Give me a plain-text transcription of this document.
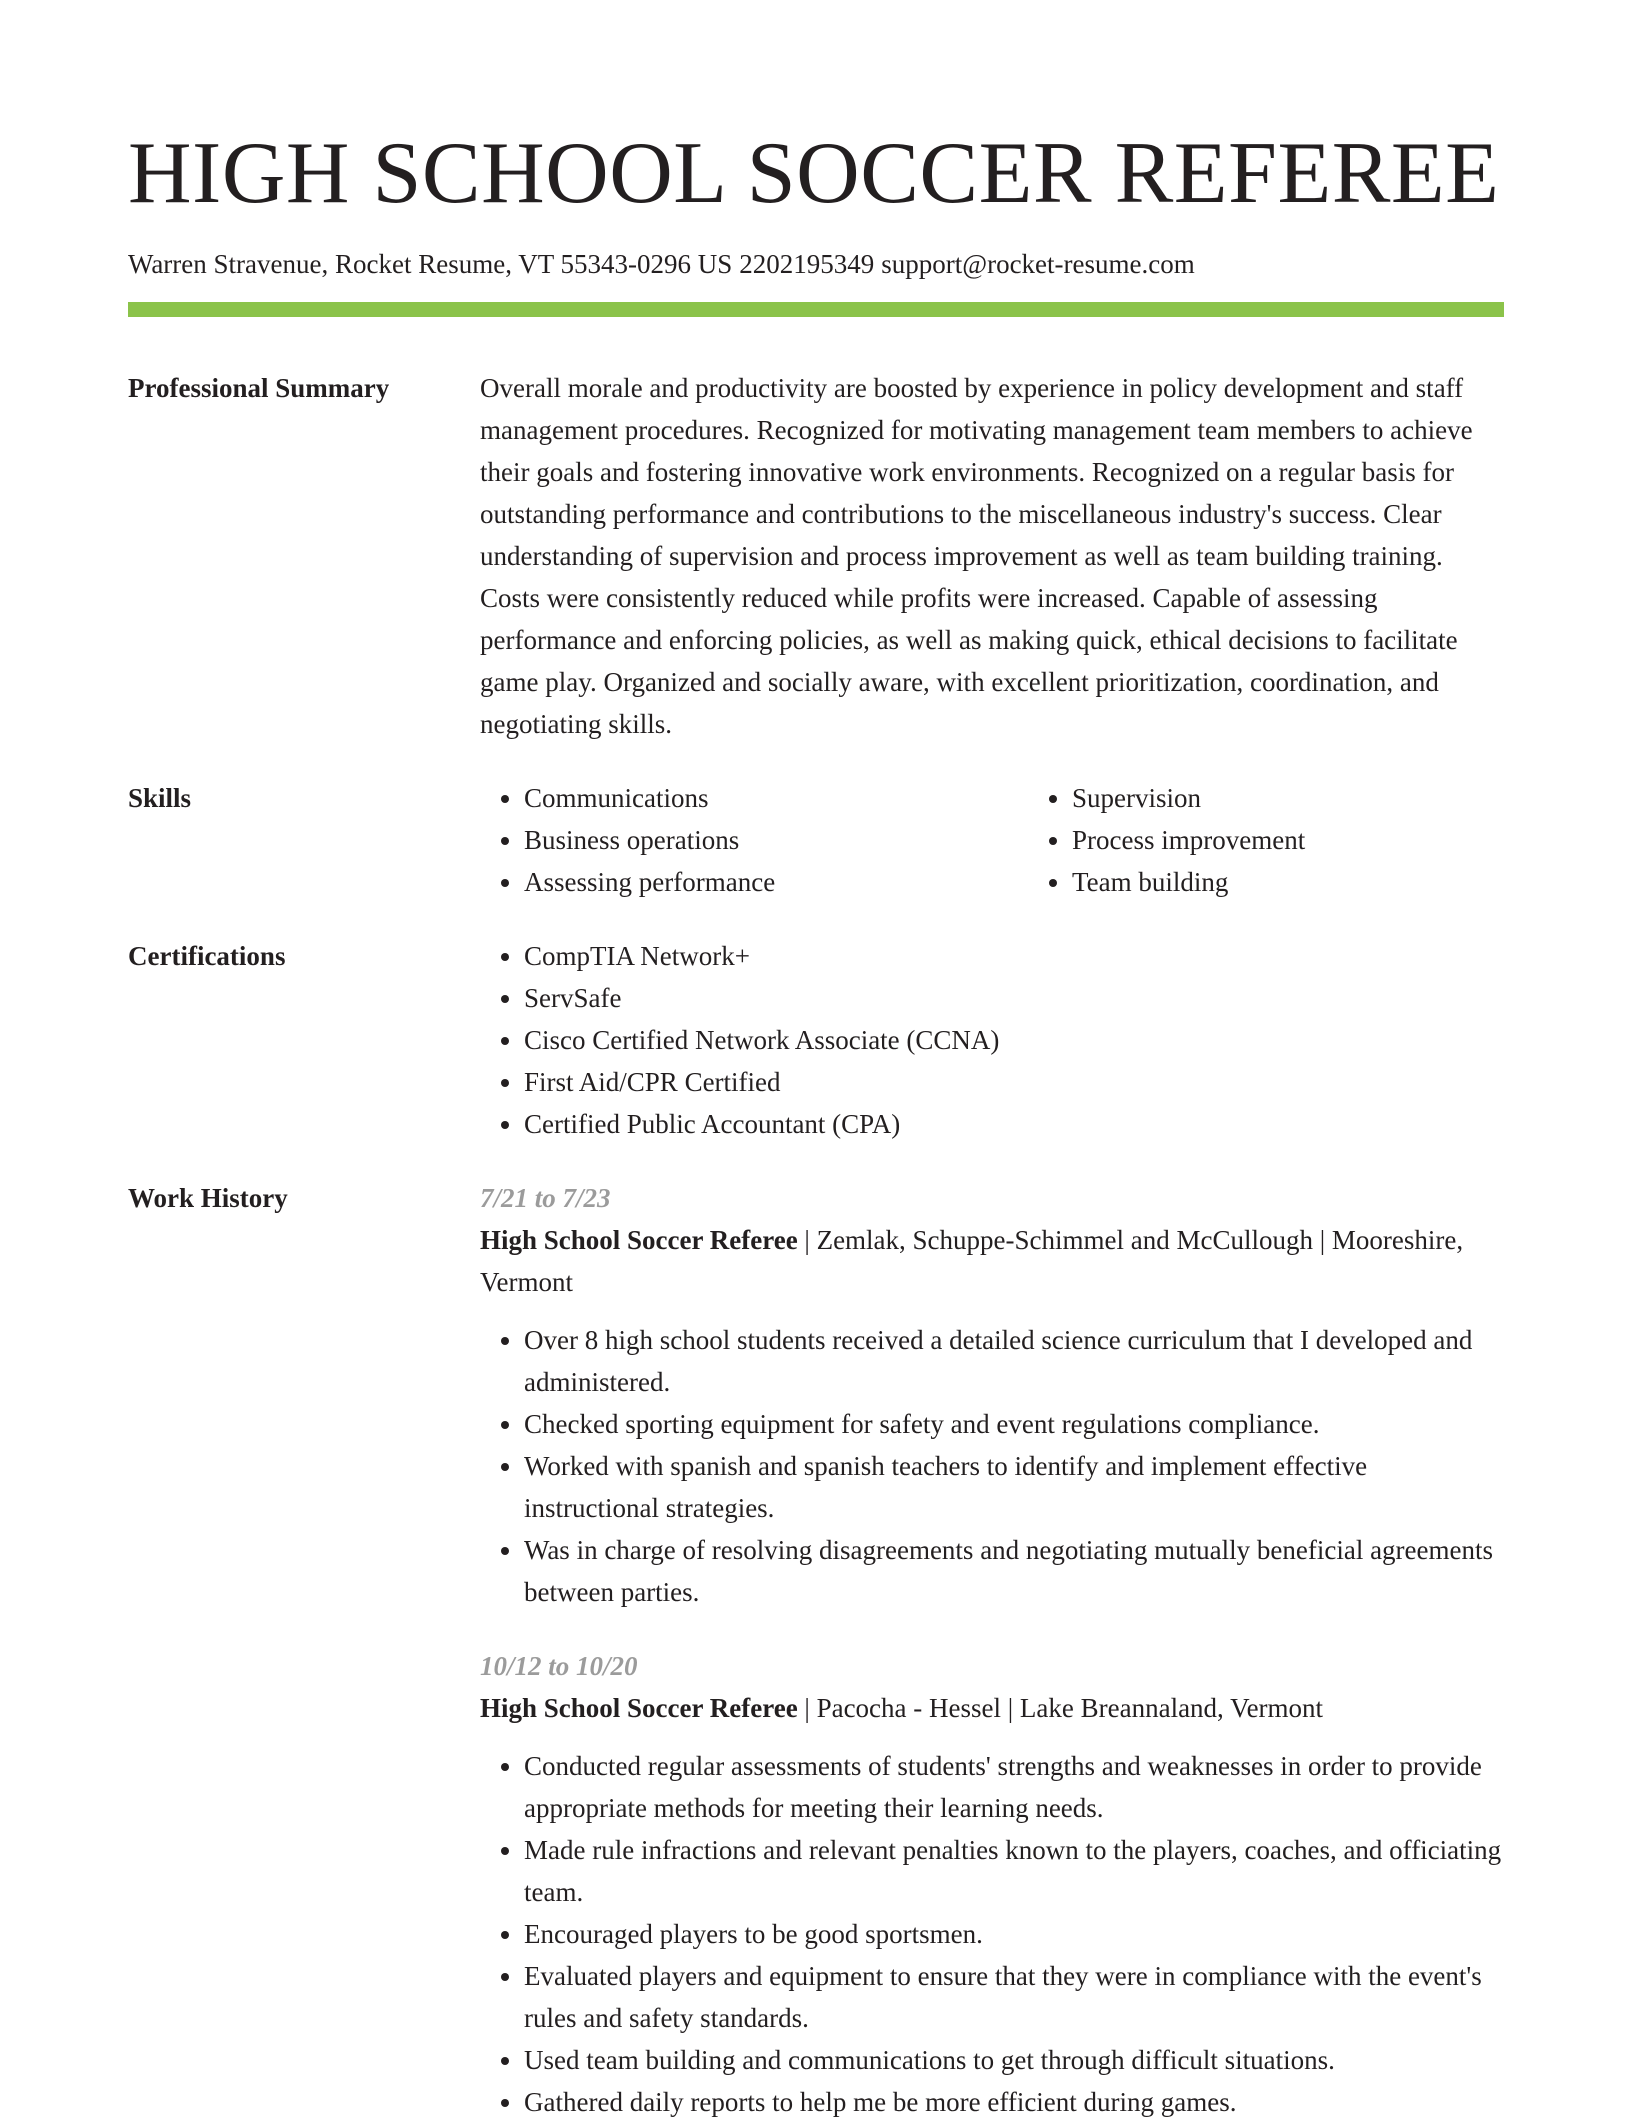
HIGH SCHOOL SOCCER REFEREE
Warren Stravenue, Rocket Resume, VT 55343-0296 US 2202195349 support@rocket-resume.com
Professional Summary	Overall morale and productivity are boosted by experience in policy development and staff management procedures. Recognized for motivating management team members to achieve their goals and fostering innovative work environments. Recognized on a regular basis for outstanding performance and contributions to the miscellaneous industry's success. Clear understanding of supervision and process improvement as well as team building training. Costs were consistently reduced while profits were increased. Capable of assessing performance and enforcing policies, as well as making quick, ethical decisions to facilitate game play. Organized and socially aware, with excellent prioritization, coordination, and negotiating skills.

Skills	• Communications
• Business operations
• Assessing performance
• Supervision
• Process improvement
• Team building
Certifications	• CompTIA Network+
• ServSafe
• Cisco Certified Network Associate (CCNA)
• First Aid/CPR Certified
• Certified Public Accountant (CPA)
Work History	7/21 to 7/23
High School Soccer Referee | Zemlak, Schuppe-Schimmel and McCullough | Mooreshire, Vermont
• Over 8 high school students received a detailed science curriculum that I developed and administered.
• Checked sporting equipment for safety and event regulations compliance.
• Worked with spanish and spanish teachers to identify and implement effective instructional strategies.
• Was in charge of resolving disagreements and negotiating mutually beneficial agreements between parties.
10/12 to 10/20
High School Soccer Referee | Pacocha - Hessel | Lake Breannaland, Vermont
• Conducted regular assessments of students' strengths and weaknesses in order to provide appropriate methods for meeting their learning needs.
• Made rule infractions and relevant penalties known to the players, coaches, and officiating team.
• Encouraged players to be good sportsmen.
• Evaluated players and equipment to ensure that they were in compliance with the event's rules and safety standards.
• Used team building and communications to get through difficult situations.
• Gathered daily reports to help me be more efficient during games.
